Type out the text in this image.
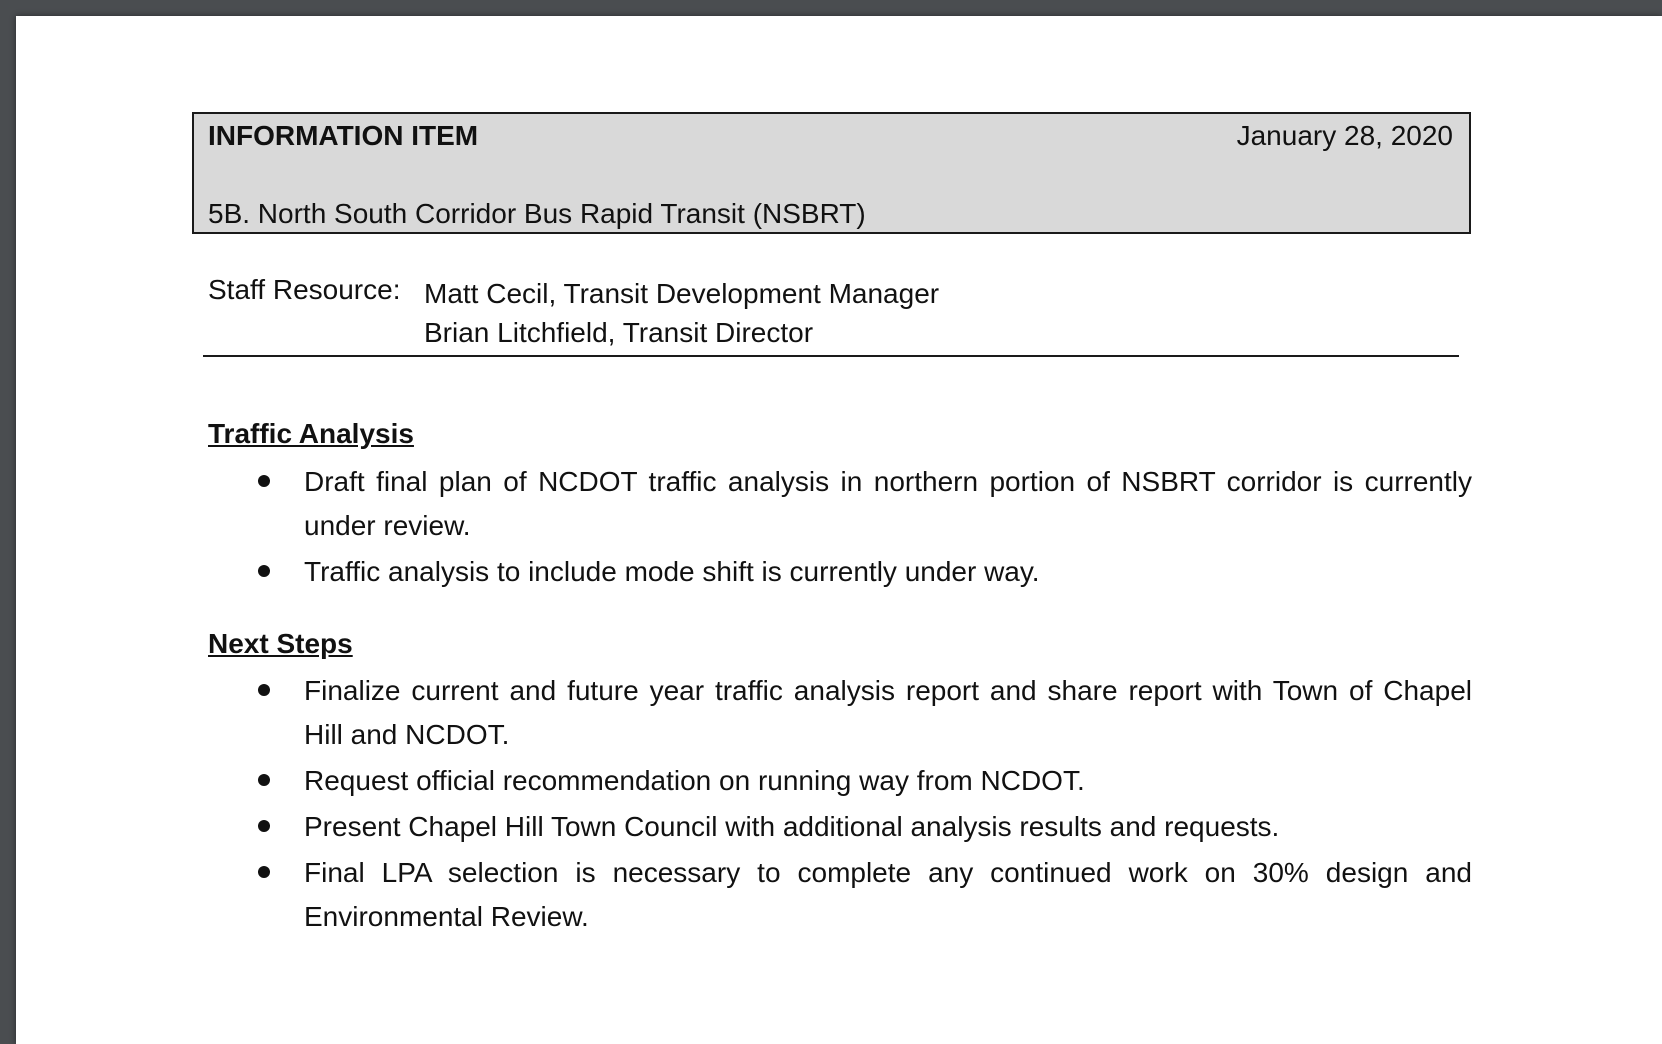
INFORMATION ITEM	January 28, 2020
5B. North South Corridor Bus Rapid Transit (NSBRT)
Staff Resource: Matt Cecil, Transit Development Manager
Brian Litchfield, Transit Director
Traffic Analysis
Draft final plan of NCDOT traffic analysis in northern portion of NSBRT corridor is currently under review.
Traffic analysis to include mode shift is currently under way.
Next Steps
Finalize current and future year traffic analysis report and share report with Town of Chapel Hill and NCDOT.
Request official recommendation on running way from NCDOT.
Present Chapel Hill Town Council with additional analysis results and requests.
Final LPA selection is necessary to complete any continued work on 30% design and Environmental Review.
